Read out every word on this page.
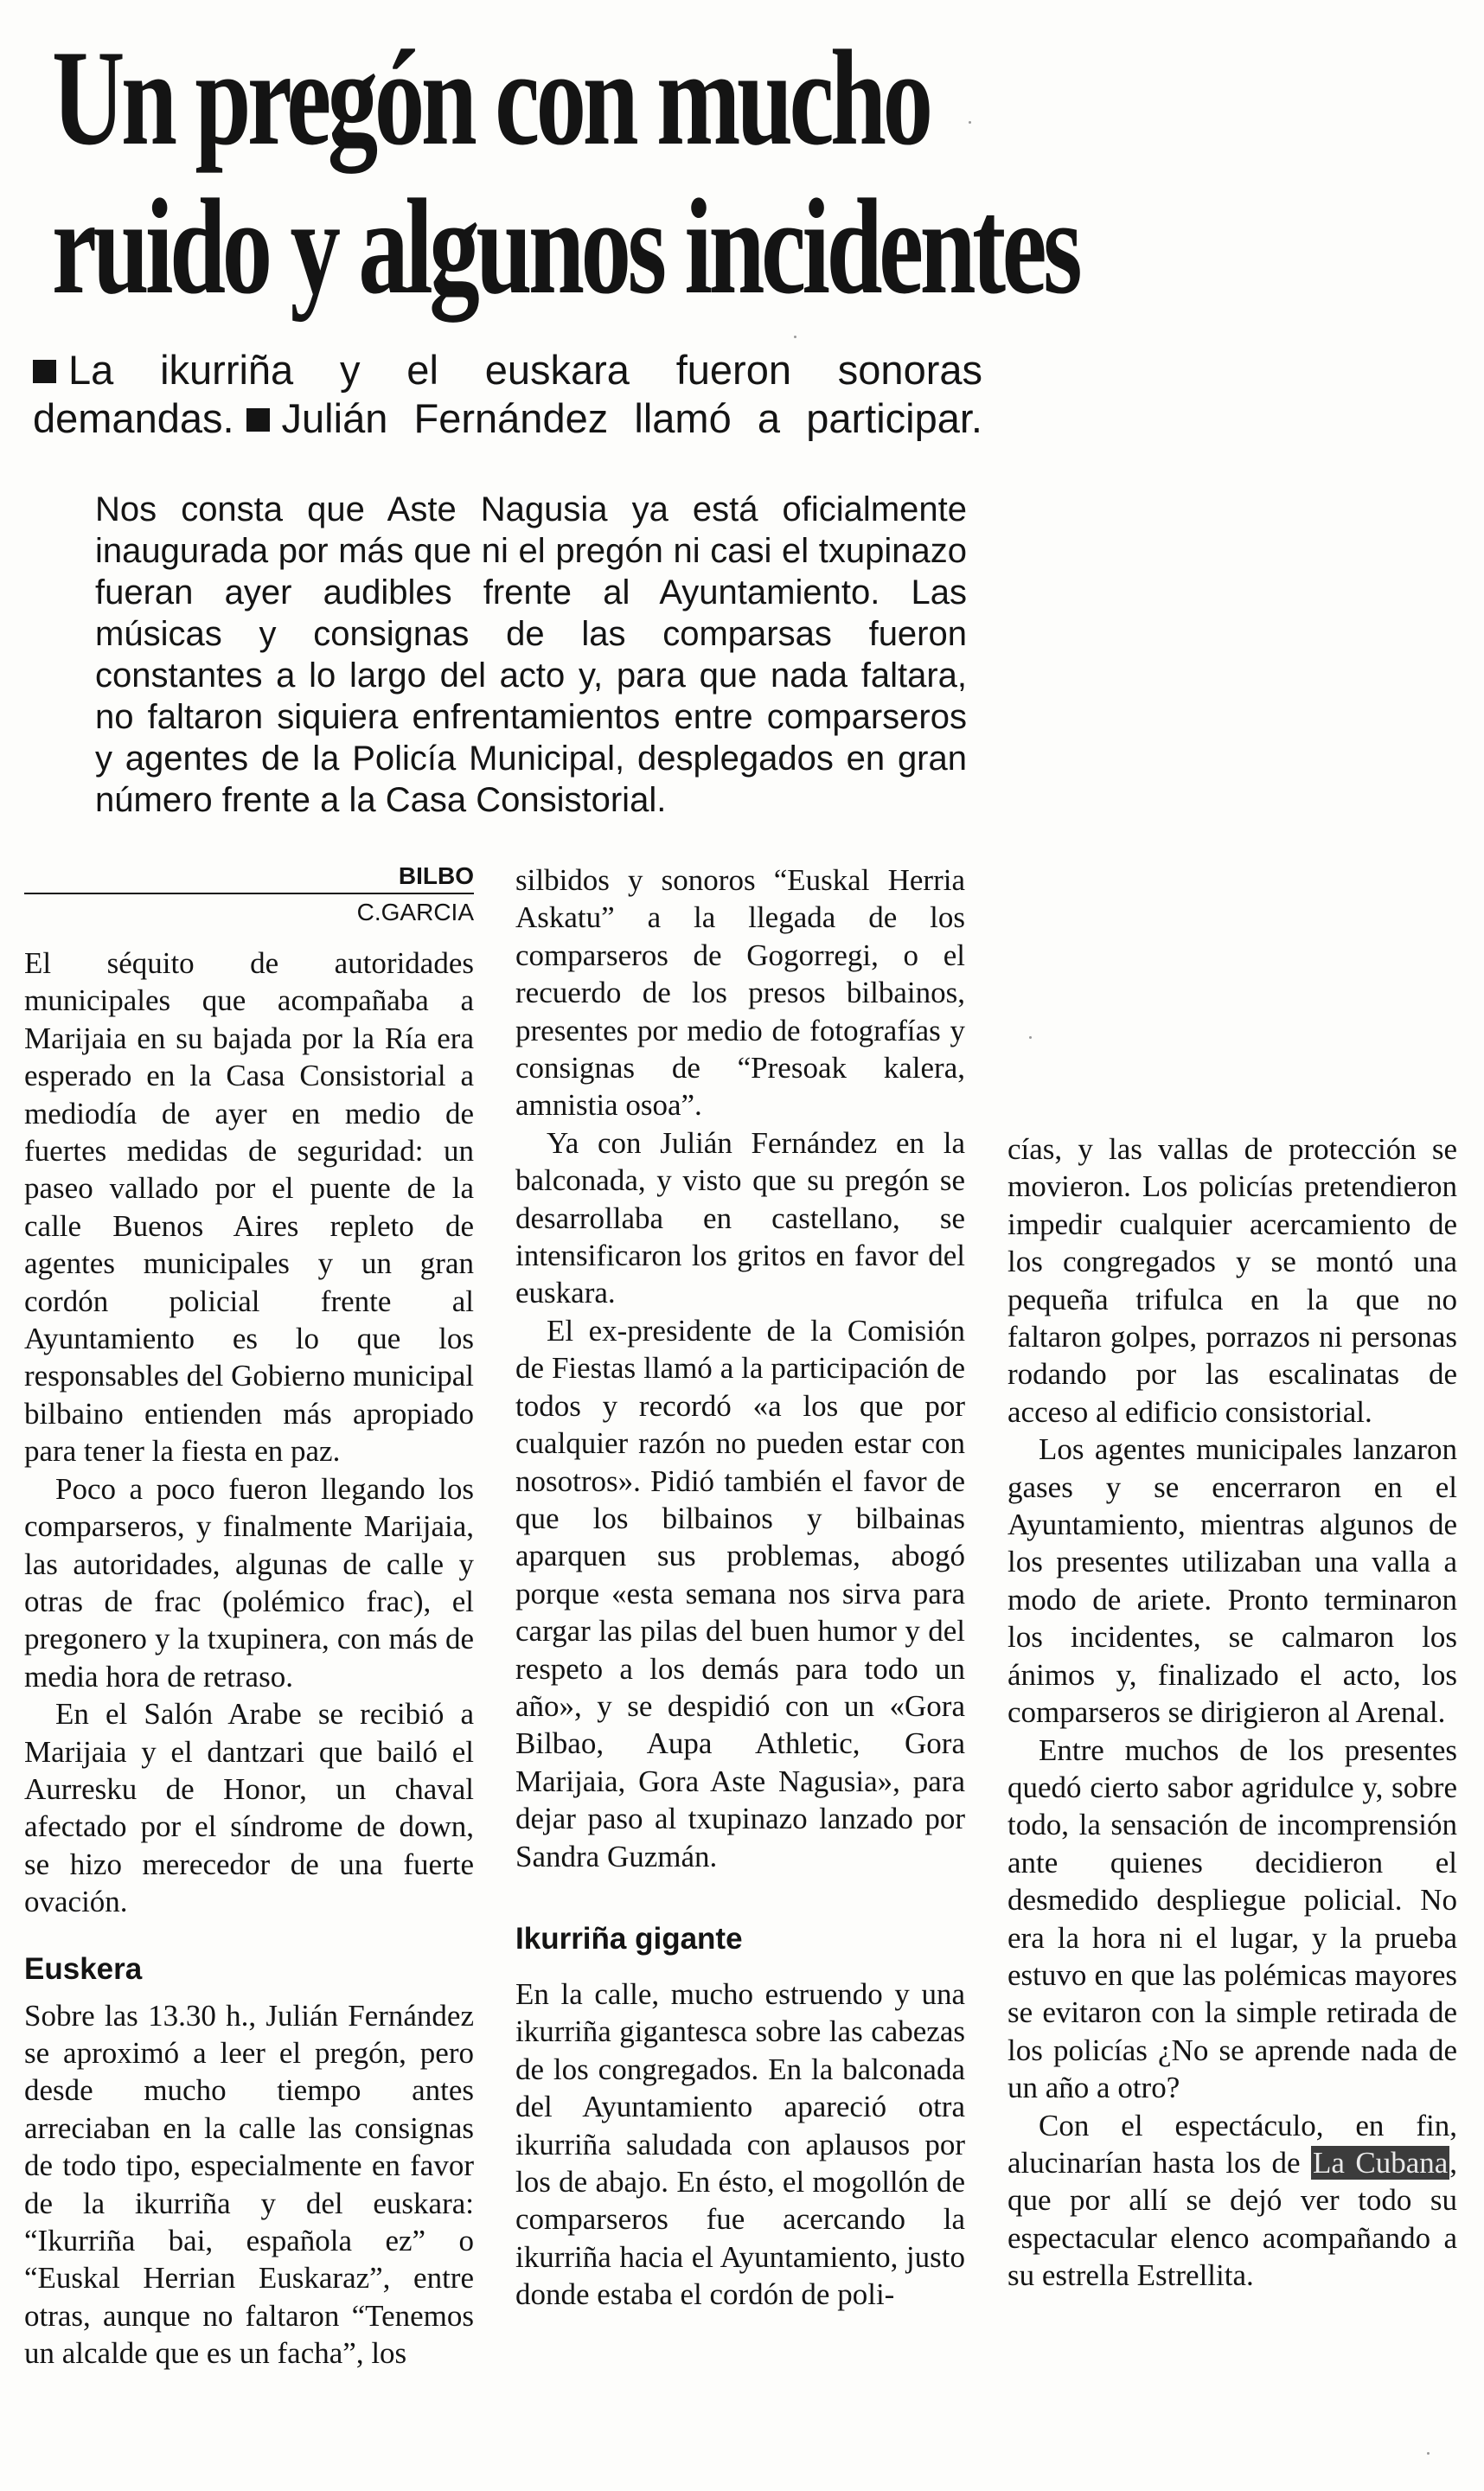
Un pregón con mucho
ruido y algunos incidentes
La ikurriña y el euskara fueron sonoras demandas. Julián Fernández llamó a participar.
Nos consta que Aste Nagusia ya está oficialmente inaugurada por más que ni el pregón ni casi el txupinazo fueran ayer audibles frente al Ayuntamiento. Las músicas y consignas de las comparsas fueron constantes a lo largo del acto y, para que nada faltara, no faltaron siquiera enfrentamientos entre comparseros y agentes de la Policía Municipal, desplegados en gran número frente a la Casa Consistorial.
BILBO
C.GARCIA

El séquito de autoridades municipales que acompañaba a Marijaia en su bajada por la Ría era esperado en la Casa Consistorial a mediodía de ayer en medio de fuertes medidas de seguridad: un paseo vallado por el puente de la calle Buenos Aires repleto de agentes municipales y un gran cordón policial frente al Ayuntamiento es lo que los responsables del Gobierno municipal bilbaino entienden más apropiado para tener la fiesta en paz.

Poco a poco fueron llegando los comparseros, y finalmente Marijaia, las autoridades, algunas de calle y otras de frac (polémico frac), el pregonero y la txupinera, con más de media hora de retraso.

En el Salón Arabe se recibió a Marijaia y el dantzari que bailó el Aurresku de Honor, un chaval afectado por el síndrome de down, se hizo merecedor de una fuerte ovación.

Euskera

Sobre las 13.30 h., Julián Fernández se aproximó a leer el pregón, pero desde mucho tiempo antes arreciaban en la calle las consignas de todo tipo, especialmente en favor de la ikurriña y del euskara: “Ikurriña bai, española ez” o “Euskal Herrian Euskaraz”, entre otras, aunque no faltaron “Tenemos un alcalde que es un facha”, los

silbidos y sonoros “Euskal Herria Askatu” a la llegada de los comparseros de Gogorregi, o el recuerdo de los presos bilbainos, presentes por medio de fotografías y consignas de “Presoak kalera, amnistia osoa”.

Ya con Julián Fernández en la balconada, y visto que su pregón se desarrollaba en castellano, se intensificaron los gritos en favor del euskara.

El ex-presidente de la Comisión de Fiestas llamó a la participación de todos y recordó «a los que por cualquier razón no pueden estar con nosotros». Pidió también el favor de que los bilbainos y bilbainas aparquen sus problemas, abogó porque «esta semana nos sirva para cargar las pilas del buen humor y del respeto a los demás para todo un año», y se despidió con un «Gora Bilbao, Aupa Athletic, Gora Marijaia, Gora Aste Nagusia», para dejar paso al txupinazo lanzado por Sandra Guzmán.

Ikurriña gigante

En la calle, mucho estruendo y una ikurriña gigantesca sobre las cabezas de los congregados. En la balconada del Ayuntamiento apareció otra ikurriña saludada con aplausos por los de abajo. En ésto, el mogollón de comparseros fue acercando la ikurriña hacia el Ayuntamiento, justo donde estaba el cordón de poli-

cías, y las vallas de protección se movieron. Los policías pretendieron impedir cualquier acercamiento de los congregados y se montó una pequeña trifulca en la que no faltaron golpes, porrazos ni personas rodando por las escalinatas de acceso al edificio consistorial.

Los agentes municipales lanzaron gases y se encerraron en el Ayuntamiento, mientras algunos de los presentes utilizaban una valla a modo de ariete. Pronto terminaron los incidentes, se calmaron los ánimos y, finalizado el acto, los comparseros se dirigieron al Arenal.

Entre muchos de los presentes quedó cierto sabor agridulce y, sobre todo, la sensación de incomprensión ante quienes decidieron el desmedido despliegue policial. No era la hora ni el lugar, y la prueba estuvo en que las polémicas mayores se evitaron con la simple retirada de los policías ¿No se aprende nada de un año a otro?

Con el espectáculo, en fin, alucinarían hasta los de La Cubana, que por allí se dejó ver todo su espectacular elenco acompañando a su estrella Estrellita.
